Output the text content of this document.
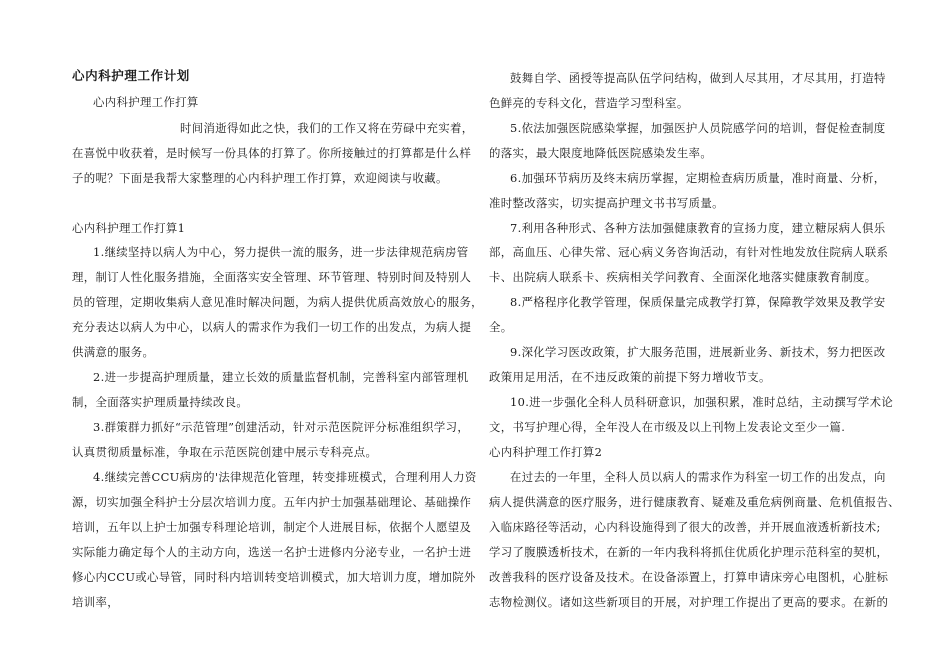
心内科护理工作计划
心内科护理工作打算
时间消逝得如此之快，我们的工作又将在劳碌中充实着，
在喜悦中收获着，是时候写一份具体的打算了。你所接触过的打算都是什么样
子的呢？下面是我帮大家整理的心内科护理工作打算，欢迎阅读与收藏。
心内科护理工作打算1
1.继续坚持以病人为中心，努力提供一流的服务，进一步法律规范病房管
理，制订人性化服务措施，全面落实安全管理、环节管理、特别时间及特别人
员的管理，定期收集病人意见准时解决问题，为病人提供优质高效放心的服务，
充分表达以病人为中心，以病人的需求作为我们一切工作的出发点，为病人提
供满意的服务。
2.进一步提高护理质量，建立长效的质量监督机制，完善科室内部管理机
制，全面落实护理质量持续改良。
3.群策群力抓好“示范管理”创建活动，针对示范医院评分标准组织学习，
认真贯彻质量标准，争取在示范医院创建中展示专科亮点。
4.继续完善CCU病房的'法律规范化管理，转变排班模式，合理利用人力资
源，切实加强全科护士分层次培训力度。五年内护士加强基础理论、基础操作
培训，五年以上护士加强专科理论培训，制定个人进展目标，依据个人愿望及
实际能力确定每个人的主动方向，选送一名护士进修内分泌专业，一名护士进
修心内CCU或心导管，同时科内培训转变培训模式，加大培训力度，增加院外
培训率，
鼓舞自学、函授等提高队伍学问结构，做到人尽其用，才尽其用，打造特
色鲜亮的专科文化，营造学习型科室。
5.依法加强医院感染掌握，加强医护人员院感学问的培训，督促检查制度
的落实，最大限度地降低医院感染发生率。
6.加强环节病历及终末病历掌握，定期检查病历质量，准时商量、分析，
准时整改落实，切实提高护理文书书写质量。
7.利用各种形式、各种方法加强健康教育的宣扬力度，建立糖尿病人俱乐
部，高血压、心律失常、冠心病义务咨询活动，有针对性地发放住院病人联系
卡、出院病人联系卡、疾病相关学问教育、全面深化地落实健康教育制度。
8.严格程序化教学管理，保质保量完成教学打算，保障教学效果及教学安
全。
9.深化学习医改政策，扩大服务范围，进展新业务、新技术，努力把医改
政策用足用活，在不违反政策的前提下努力增收节支。
10.进一步强化全科人员科研意识，加强积累，准时总结，主动撰写学术论
文，书写护理心得，全年没人在市级及以上刊物上发表论文至少一篇.
心内科护理工作打算2
在过去的一年里，全科人员以病人的需求作为科室一切工作的出发点，向
病人提供满意的医疗服务，进行健康教育、疑难及重危病例商量、危机值报告、
入临床路径等活动，心内科设施得到了很大的改善，并开展血液透析新技术;
学习了腹膜透析技术，在新的一年内我科将抓住优质化护理示范科室的契机，
改善我科的医疗设备及技术。在设备添置上，打算申请床旁心电图机，心脏标
志物检测仪。诸如这些新项目的开展，对护理工作提出了更高的要求。在新的
